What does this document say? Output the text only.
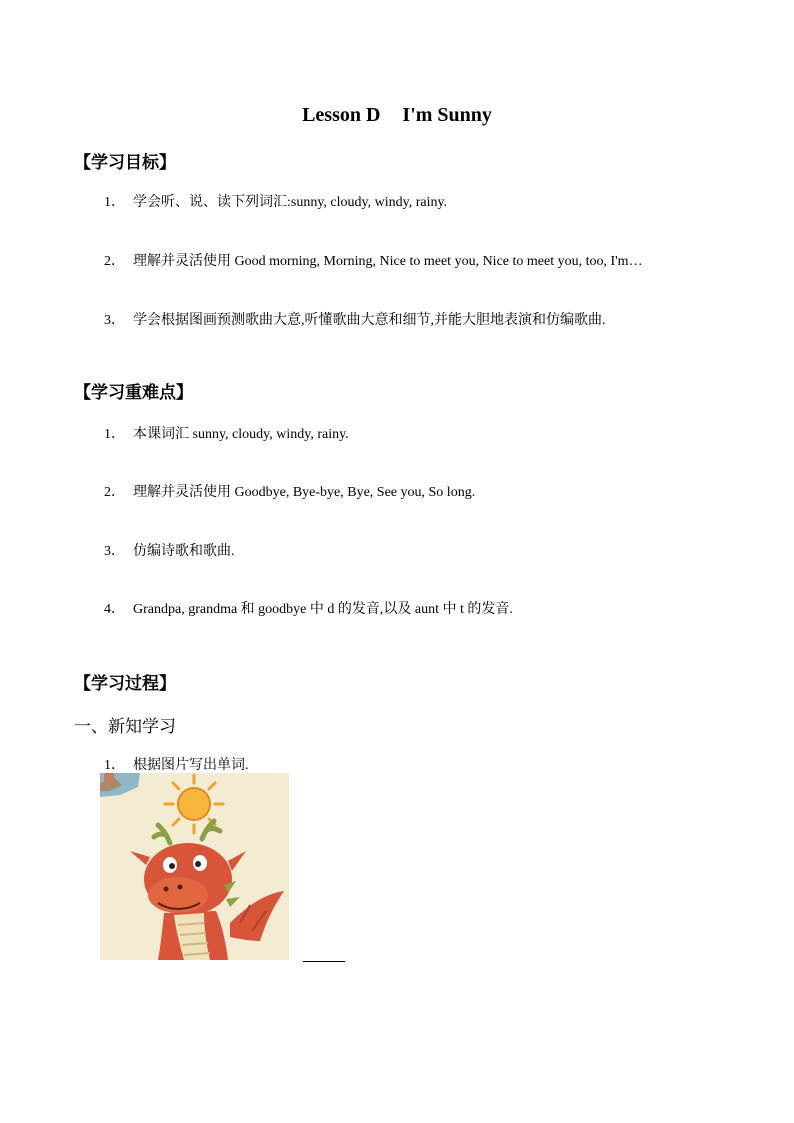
Lesson D I'm Sunny
【学习目标】
1． 学会听、说、读下列词汇:sunny, cloudy, windy, rainy.
2． 理解并灵活使用 Good morning, Morning, Nice to meet you, Nice to meet you, too, I'm…
3． 学会根据图画预测歌曲大意,听懂歌曲大意和细节,并能大胆地表演和仿编歌曲.
【学习重难点】
1． 本课词汇 sunny, cloudy, windy, rainy.
2． 理解并灵活使用 Goodbye, Bye-bye, Bye, See you, So long.
3． 仿编诗歌和歌曲.
4． Grandpa, grandma 和 goodbye 中 d 的发音,以及 aunt 中 t 的发音.
【学习过程】
一、新知学习
1． 根据图片写出单词.
